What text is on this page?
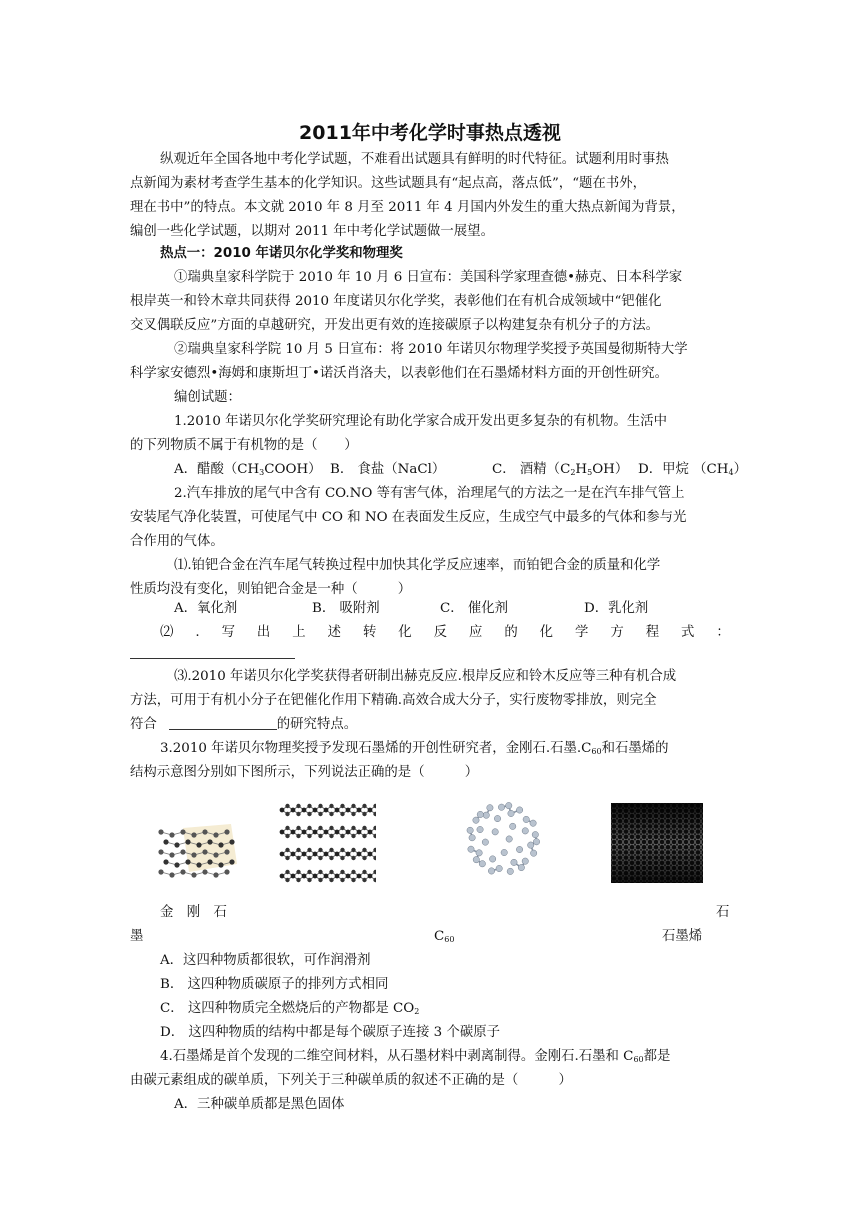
2011年中考化学时事热点透视
纵观近年全国各地中考化学试题，不难看出试题具有鲜明的时代特征。试题利用时事热
点新闻为素材考查学生基本的化学知识。这些试题具有“起点高，落点低”，“题在书外，
理在书中”的特点。本文就 2010 年 8 月至 2011 年 4 月国内外发生的重大热点新闻为背景，
编创一些化学试题，以期对 2011 年中考化学试题做一展望。
热点一：2010 年诺贝尔化学奖和物理奖
①瑞典皇家科学院于 2010 年 10 月 6 日宣布：美国科学家理查德•赫克、日本科学家
根岸英一和铃木章共同获得 2010 年度诺贝尔化学奖，表彰他们在有机合成领域中“钯催化
交叉偶联反应”方面的卓越研究，开发出更有效的连接碳原子以构建复杂有机分子的方法。
②瑞典皇家科学院 10 月 5 日宣布：将 2010 年诺贝尔物理学奖授予英国曼彻斯特大学
科学家安德烈•海姆和康斯坦丁•诺沃肖洛夫，以表彰他们在石墨烯材料方面的开创性研究。
编创试题：
1.2010 年诺贝尔化学奖研究理论有助化学家合成开发出更多复杂的有机物。生活中
的下列物质不属于有机物的是（　　）
A．醋酸$(CH_3COOH)$ B． 食盐（NaCl）	C． 酒精$(C_2H_5OH)$ D．甲烷 $(CH_4)$
2.汽车排放的尾气中含有 CO.NO 等有害气体，治理尾气的方法之一是在汽车排气管上
安装尾气净化装置，可使尾气中 CO 和 NO 在表面发生反应，生成空气中最多的气体和参与光
合作用的气体。
⑴.铂钯合金在汽车尾气转换过程中加快其化学反应速率，而铂钯合金的质量和化学
性质均没有变化，则铂钯合金是一种（　　　）
A．氧化剂	B． 吸附剂	C． 催化剂	D．乳化剂
⑵ . 写 出 上 述 转 化 反 应 的 化 学 方 程 式 ：
⑶.2010 年诺贝尔化学奖获得者研制出赫克反应.根岸反应和铃木反应等三种有机合成
方法，可用于有机小分子在钯催化作用下精确.高效合成大分子，实行废物零排放，则完全
符合	的研究特点。
3.2010 年诺贝尔物理奖授予发现石墨烯的开创性研究者，金刚石.石墨$.C_{60}$和石墨烯的
结构示意图分别如下图所示，下列说法正确的是（　　　）
金　刚　石	石
墨	$C_{60}$	石墨烯
A．这四种物质都很软，可作润滑剂
B． 这四种物质碳原子的排列方式相同
C． 这四种物质完全燃烧后的产物都是 $CO_2$
D． 这四种物质的结构中都是每个碳原子连接 3 个碳原子
4.石墨烯是首个发现的二维空间材料，从石墨材料中剥离制得。金刚石.石墨和 $C_{60}$都是
由碳元素组成的碳单质，下列关于三种碳单质的叙述不正确的是（　　　）
A．三种碳单质都是黑色固体
